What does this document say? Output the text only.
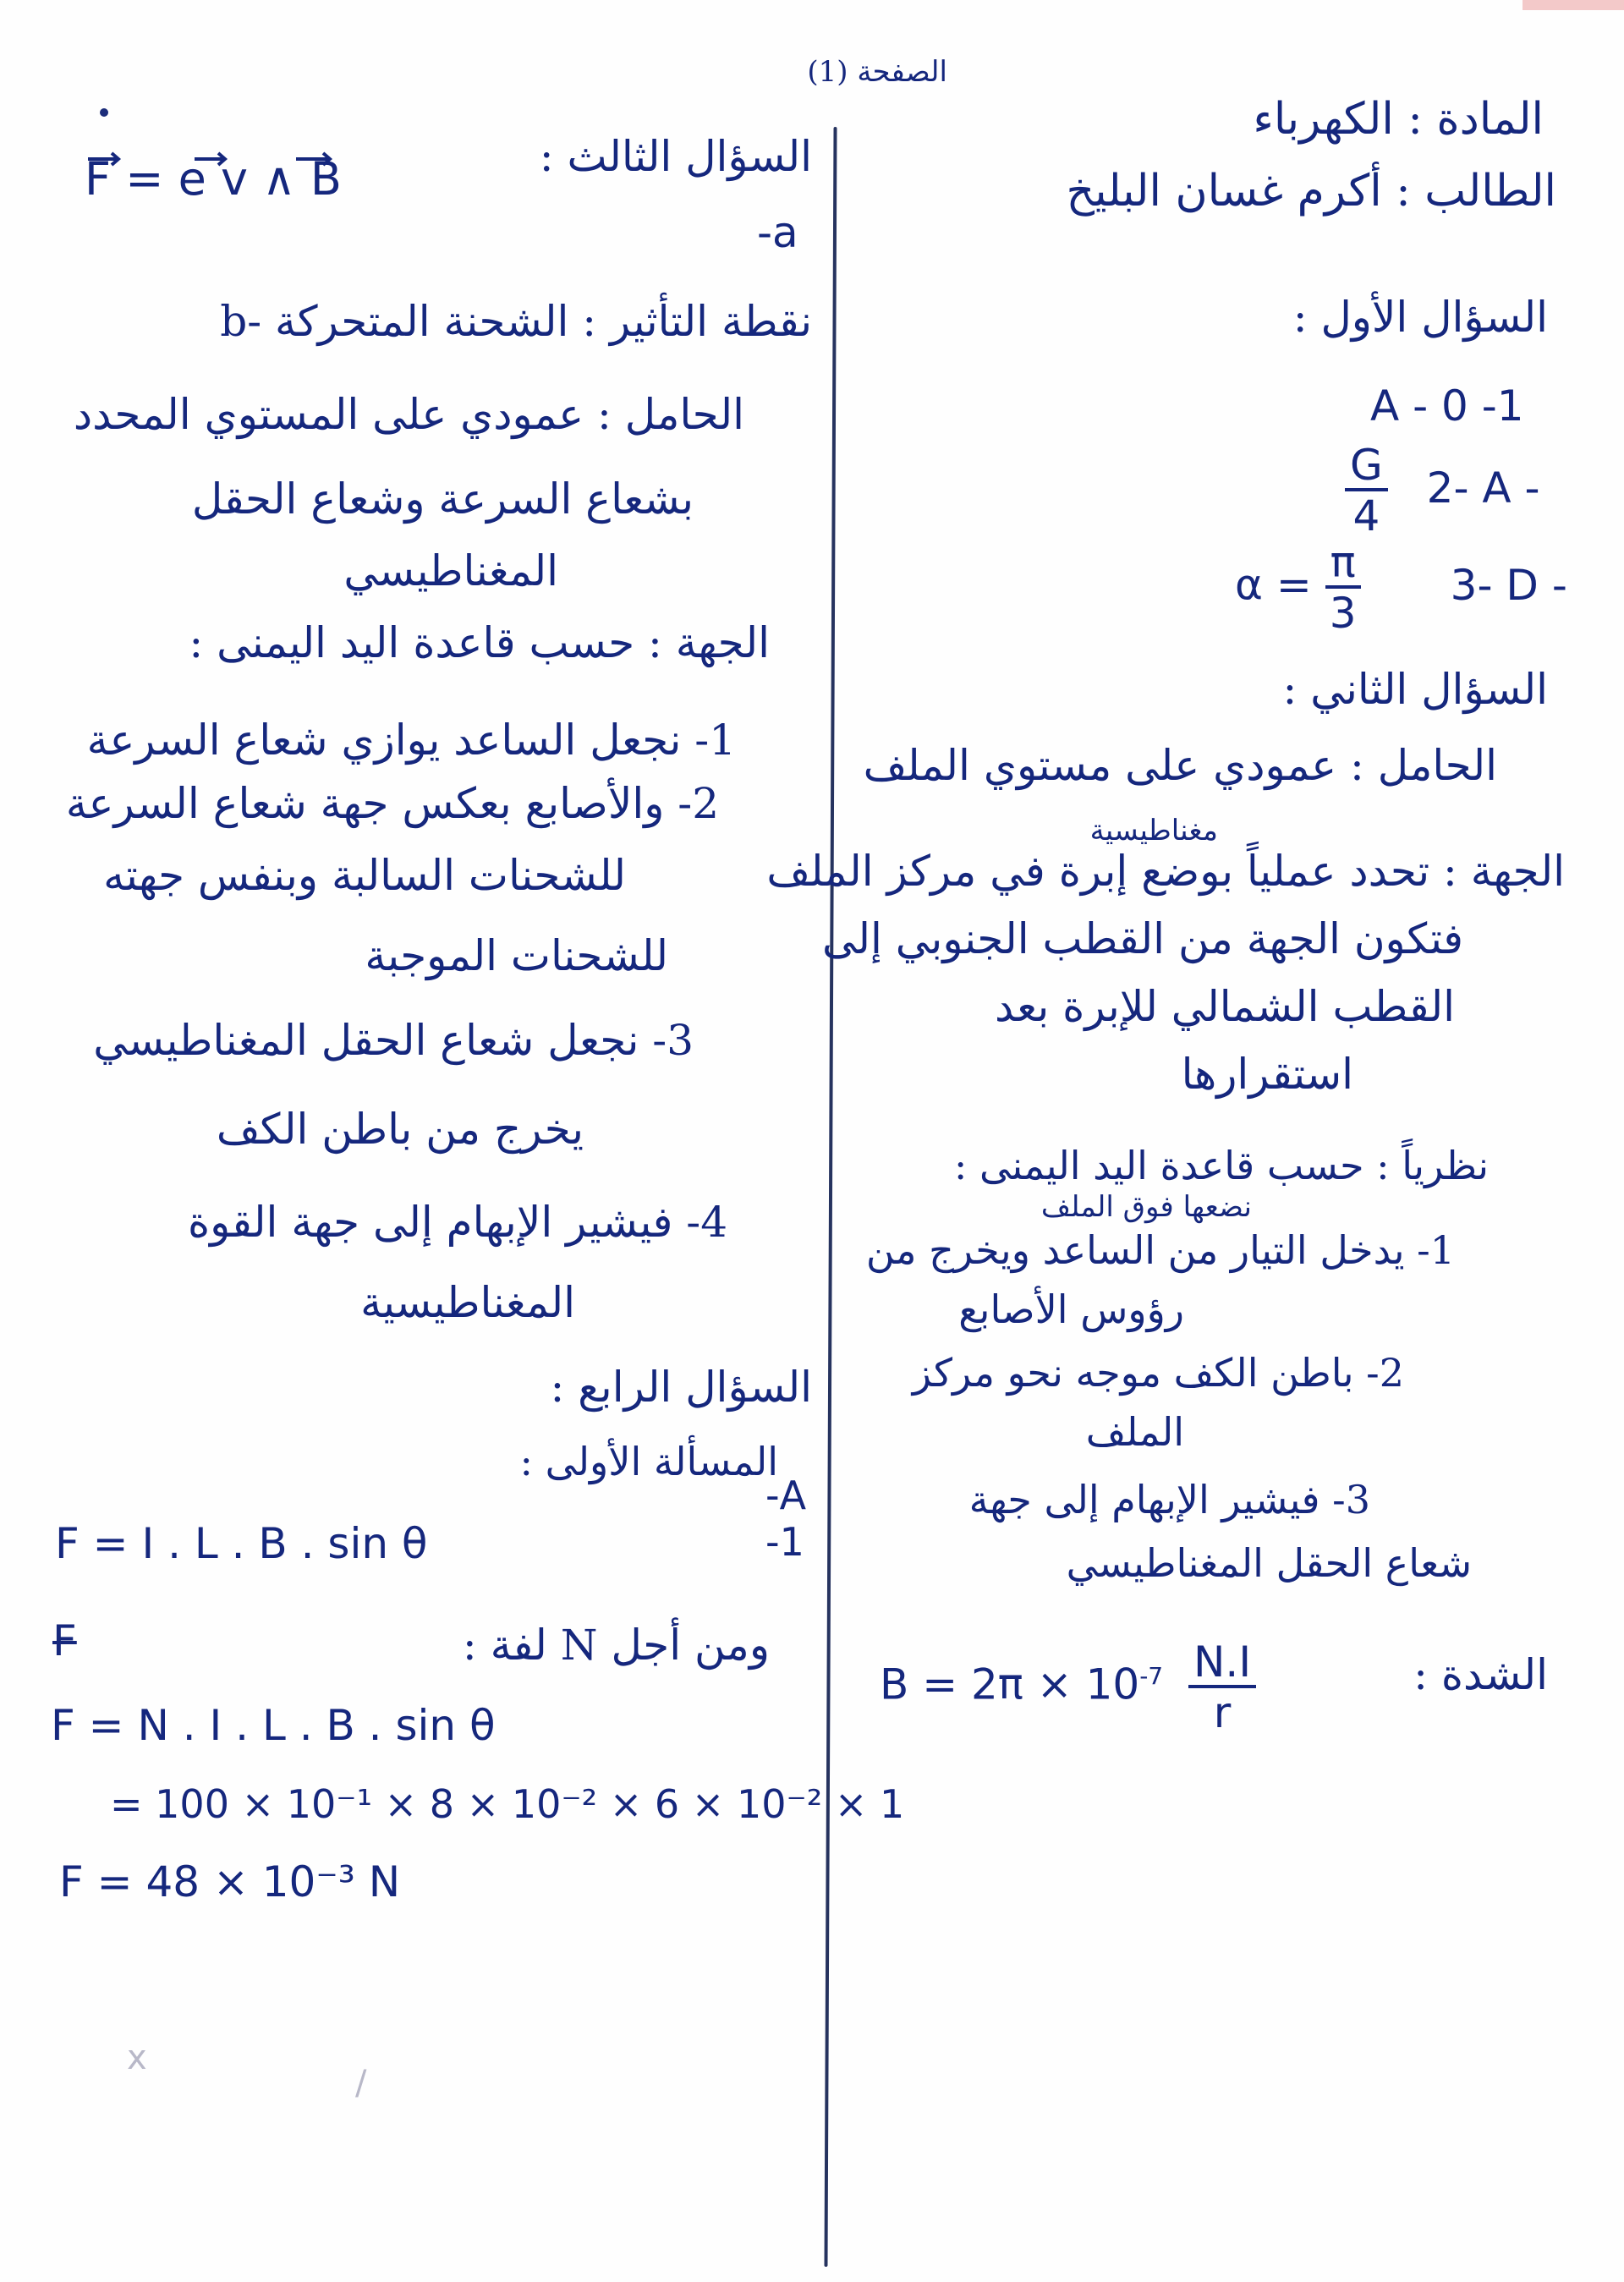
الصفحة (1)
المادة : الكهرباء
الطالب : أكرم غسان البليخ
السؤال الأول :
1- A - 0
$\frac{G}{4} 2-$ A -
$\alpha = \frac{\pi}{3} 3-$ D -
السؤال الثاني :
الحامل : عمودي على مستوي الملف
مغناطيسية
الجهة : تحدد عملياً بوضع إبرة في مركز الملف
فتكون الجهة من القطب الجنوبي إلى
القطب الشمالي للإبرة بعد
استقرارها
نظرياً : حسب قاعدة اليد اليمنى :
نضعها فوق الملف
1- يدخل التيار من الساعد ويخرج من
رؤوس الأصابع
2- باطن الكف موجه نحو مركز
الملف
3- فيشير الإبهام إلى جهة
شعاع الحقل المغناطيسي
الشدة :
$B = 2\pi \times 10^{-7} \frac{N.I}{r}$
السؤال الثالث :
F = e v ∧ B
a-
b- نقطة التأثير : الشحنة المتحركة
الحامل : عمودي على المستوي المحدد
بشعاع السرعة وشعاع الحقل
المغناطيسي
الجهة : حسب قاعدة اليد اليمنى :
1- نجعل الساعد يوازي شعاع السرعة
2- والأصابع بعكس جهة شعاع السرعة
للشحنات السالبة وبنفس جهته
للشحنات الموجبة
3- نجعل شعاع الحقل المغناطيسي
يخرج من باطن الكف
4- فيشير الإبهام إلى جهة القوة
المغناطيسية
السؤال الرابع :
المسألة الأولى :
A-
1-
F = I . L . B . sin θ
F	ومن أجل N لفة :
F = N . I . L . B . sin θ
= 100 × 10⁻¹ × 8 × 10⁻² × 6 × 10⁻² × 1
F = 48 × 10⁻³ N
x
/
